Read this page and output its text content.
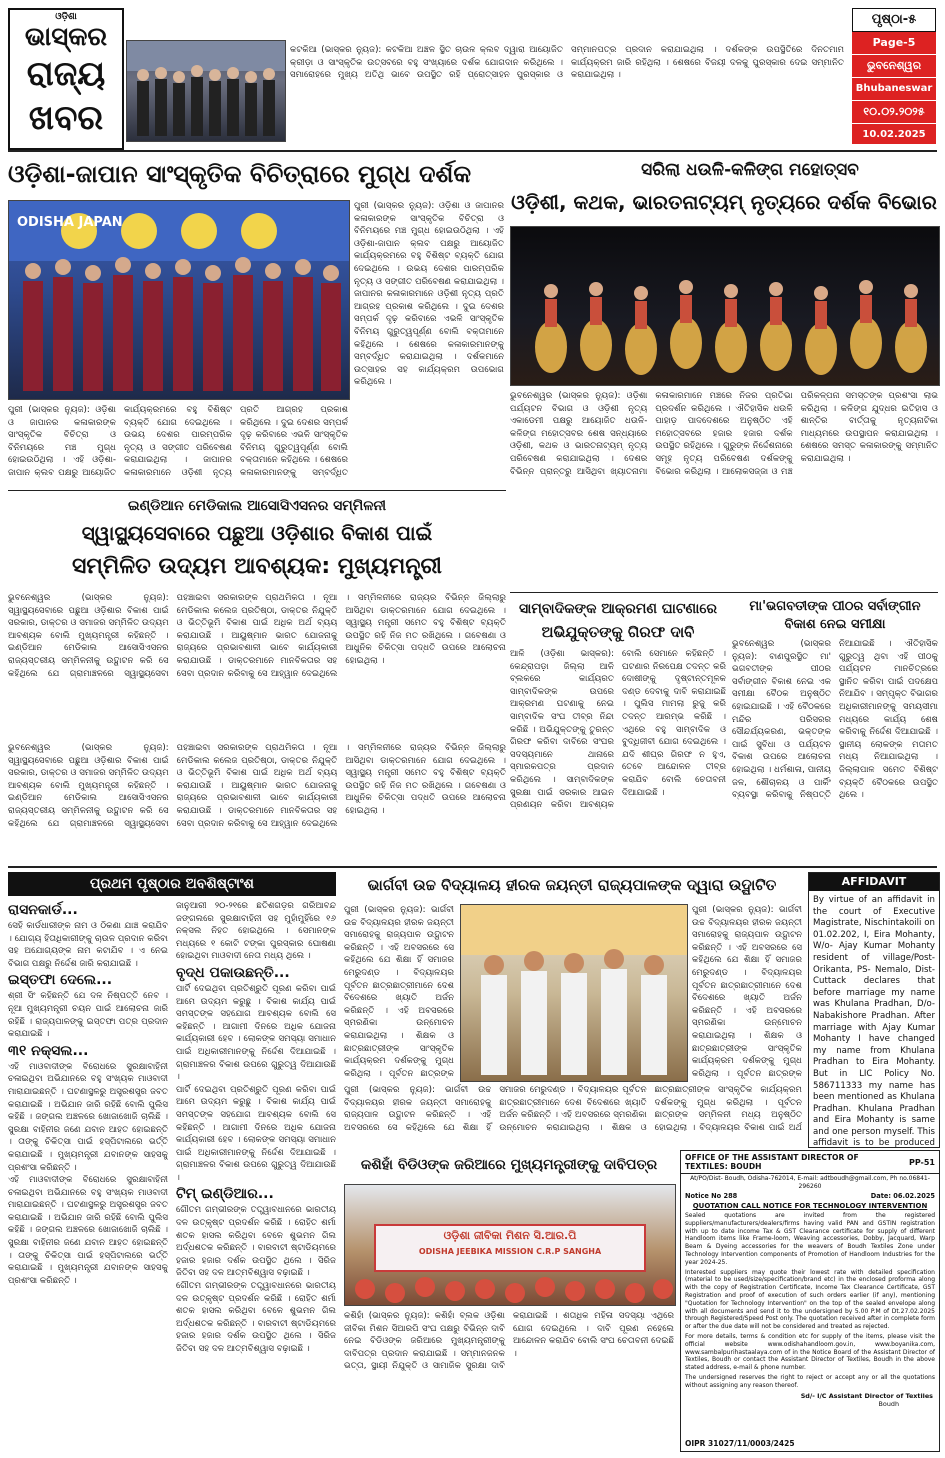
ଓଡ଼ିଶା
ଭାସ୍କର
ରାଜ୍ୟ
ଖବର
କଟକିଆ (ଭାସ୍କର ନ୍ୟୁଜ): କଟକିଆ ଅଞ୍ଚଳ ସ୍ଥିତ ଚାଉଳ କ୍ଲବ ଦ୍ୱାରା ଆୟୋଜିତ କ୍ରୀଡ଼ା ଓ ସାଂସ୍କୃତିକ ଉତ୍ସବରେ ବହୁ ସଂଖ୍ୟାରେ ଦର୍ଶକ ଯୋଗଦାନ କରିଥିଲେ । ସମାରୋହରେ ମୁଖ୍ୟ ଅତିଥି ଭାବେ ଉପସ୍ଥିତ ରହି ପ୍ରୋତ୍ସାହନ ପୁରସ୍କାର ଓ ସମ୍ମାନପତ୍ର ପ୍ରଦାନ କରାଯାଇଥିଲା । ଦର୍ଶକଙ୍କ ଉପସ୍ଥିତିରେ ଦିନତମାମ କାର୍ଯ୍ୟକ୍ରମ ଜାରି ରହିଥିଲା । ଶେଷରେ ବିଜୟୀ ଦଳକୁ ପୁରସ୍କାର ଦେଇ ସମ୍ମାନିତ କରାଯାଇଥିଲା ।
ପୃଷ୍ଠା-୫
Page-5
ଭୁବନେଶ୍ୱର
Bhubaneswar
୧୦.୦୨.୨୦୨୫
10.02.2025
ଓଡ଼ିଶା-ଜାପାନ ସାଂସ୍କୃତିକ ବିଚିତ୍ରାରେ ମୁଗ୍ଧ ଦର୍ଶକ
ODISHA JAPAN
ପୁରୀ (ଭାସ୍କର ନ୍ୟୁଜ): ଓଡ଼ିଶା ଓ ଜାପାନର କଳାକାରଙ୍କ ସାଂସ୍କୃତିକ ବିଚିତ୍ରା ଓ ବିନିମୟରେ ମଞ୍ଚ ମୁଗ୍ଧ ହୋଇଉଠିଥିଲା । ଏହି ଓଡ଼ିଶା-ଜାପାନ କ୍ଲବ ପକ୍ଷରୁ ଆୟୋଜିତ କାର୍ଯ୍ୟକ୍ରମରେ ବହୁ ବିଶିଷ୍ଟ ବ୍ୟକ୍ତି ଯୋଗ ଦେଇଥିଲେ । ଉଭୟ ଦେଶର ପାରମ୍ପରିକ ନୃତ୍ୟ ଓ ସଙ୍ଗୀତ ପରିବେଷଣ କରାଯାଇଥିଲା । ଜାପାନର କଳାକାରମାନେ ଓଡ଼ିଶୀ ନୃତ୍ୟ ପ୍ରତି ଆଗ୍ରହ ପ୍ରକାଶ କରିଥିଲେ । ଦୁଇ ଦେଶର ସମ୍ପର୍କ ଦୃଢ଼ କରିବାରେ ଏଭଳି ସାଂସ୍କୃତିକ ବିନିମୟ ଗୁରୁତ୍ୱପୂର୍ଣ୍ଣ ବୋଲି ବକ୍ତାମାନେ କହିଥିଲେ । ଶେଷରେ କଳାକାରମାନଙ୍କୁ ସମ୍ବର୍ଦ୍ଧିତ
ପୁରୀ (ଭାସ୍କର ନ୍ୟୁଜ): ଓଡ଼ିଶା ଓ ଜାପାନର କଳାକାରଙ୍କ ସାଂସ୍କୃତିକ ବିଚିତ୍ରା ଓ ବିନିମୟରେ ମଞ୍ଚ ମୁଗ୍ଧ ହୋଇଉଠିଥିଲା । ଏହି ଓଡ଼ିଶା-ଜାପାନ କ୍ଲବ ପକ୍ଷରୁ ଆୟୋଜିତ କାର୍ଯ୍ୟକ୍ରମରେ ବହୁ ବିଶିଷ୍ଟ ବ୍ୟକ୍ତି ଯୋଗ ଦେଇଥିଲେ । ଉଭୟ ଦେଶର ପାରମ୍ପରିକ ନୃତ୍ୟ ଓ ସଙ୍ଗୀତ ପରିବେଷଣ କରାଯାଇଥିଲା । ଜାପାନର କଳାକାରମାନେ ଓଡ଼ିଶୀ ନୃତ୍ୟ ପ୍ରତି ଆଗ୍ରହ ପ୍ରକାଶ କରିଥିଲେ । ଦୁଇ ଦେଶର ସମ୍ପର୍କ ଦୃଢ଼ କରିବାରେ ଏଭଳି ସାଂସ୍କୃତିକ ବିନିମୟ ଗୁରୁତ୍ୱପୂର୍ଣ୍ଣ ବୋଲି ବକ୍ତାମାନେ କହିଥିଲେ । ଶେଷରେ କଳାକାରମାନଙ୍କୁ ସମ୍ବର୍ଦ୍ଧିତ କରାଯାଇଥିଲା । ଦର୍ଶକମାନେ ଉତ୍ସାହର ସହ କାର୍ଯ୍ୟକ୍ରମ ଉପଭୋଗ କରିଥିଲେ ।
ସରିଲା ଧଉଳି-କଳିଙ୍ଗ ମହୋତ୍ସବ
ଓଡ଼ିଶୀ, କଥକ, ଭାରତନାଟ୍ୟମ୍ ନୃତ୍ୟରେ ଦର୍ଶକ ବିଭୋର
ଭୁବନେଶ୍ୱର (ଭାସ୍କର ନ୍ୟୁଜ): ଓଡ଼ିଶା ପର୍ଯ୍ୟଟନ ବିଭାଗ ଓ ଓଡ଼ିଶୀ ନୃତ୍ୟ ଏକାଡେମୀ ପକ୍ଷରୁ ଆୟୋଜିତ ଧଉଳି-କଳିଙ୍ଗ ମହୋତ୍ସବର ଶେଷ ସନ୍ଧ୍ୟାରେ ଓଡ଼ିଶୀ, କଥକ ଓ ଭାରତନାଟ୍ୟମ୍ ନୃତ୍ୟ ପରିବେଷଣ କରାଯାଇଥିଲା । ଦେଶର ବିଭିନ୍ନ ପ୍ରାନ୍ତରୁ ଆସିଥିବା ଖ୍ୟାତନାମା କଳାକାରମାନେ ମଞ୍ଚରେ ନିଜର ପ୍ରତିଭା ପ୍ରଦର୍ଶନ କରିଥିଲେ । ଐତିହାସିକ ଧଉଳି ପାହାଡ଼ ପାଦଦେଶରେ ଅନୁଷ୍ଠିତ ଏହି ମହୋତ୍ସବରେ ହଜାର ହଜାର ଦର୍ଶକ ଉପସ୍ଥିତ ରହିଥିଲେ । ଗୁରୁଙ୍କ ନିର୍ଦ୍ଦେଶନାରେ ସମୂହ ନୃତ୍ୟ ପରିବେଷଣ ଦର୍ଶକଙ୍କୁ ବିଭୋର କରିଥିଲା । ଆଲୋକସଜ୍ଜା ଓ ମଞ୍ଚ ପରିକଳ୍ପନା ସମସ୍ତଙ୍କ ପ୍ରଶଂସା ଲାଭ କରିଥିଲା । କଳିଙ୍ଗ ଯୁଦ୍ଧର ଇତିହାସ ଓ ଶାନ୍ତିର ବାର୍ତ୍ତାକୁ ନୃତ୍ୟନାଟିକା ମାଧ୍ୟମରେ ଉପସ୍ଥାପନ କରାଯାଇଥିଲା । ଶେଷରେ ସମସ୍ତ କଳାକାରଙ୍କୁ ସମ୍ମାନିତ କରାଯାଇଥିଲା ।
ଇଣ୍ଡିଆନ ମେଡିକାଲ ଆସୋସିଏସନର ସମ୍ମିଳନୀ
ସ୍ୱାସ୍ଥ୍ୟସେବାରେ ପଛୁଆ ଓଡ଼ିଶାର ବିକାଶ ପାଇଁ
ସମ୍ମିଳିତ ଉଦ୍ୟମ ଆବଶ୍ୟକ: ମୁଖ୍ୟମନ୍ତ୍ରୀ
ଭୁବନେଶ୍ୱର (ଭାସ୍କର ନ୍ୟୁଜ): ସ୍ୱାସ୍ଥ୍ୟସେବାରେ ପଛୁଆ ଓଡ଼ିଶାର ବିକାଶ ପାଇଁ ସରକାର, ଡାକ୍ତର ଓ ସମାଜର ସମ୍ମିଳିତ ଉଦ୍ୟମ ଆବଶ୍ୟକ ବୋଲି ମୁଖ୍ୟମନ୍ତ୍ରୀ କହିଛନ୍ତି । ଇଣ୍ଡିଆନ ମେଡିକାଲ ଆସୋସିଏସନର ରାଜ୍ୟସ୍ତରୀୟ ସମ୍ମିଳନୀକୁ ଉଦ୍ଘାଟନ କରି ସେ କହିଥିଲେ ଯେ ଗ୍ରାମାଞ୍ଚଳରେ ସ୍ୱାସ୍ଥ୍ୟସେବା ପହଞ୍ଚାଇବା ସରକାରଙ୍କ ପ୍ରାଥମିକତା । ନୂଆ ମେଡିକାଲ କଲେଜ ପ୍ରତିଷ୍ଠା, ଡାକ୍ତର ନିଯୁକ୍ତି ଓ ଭିତ୍ତିଭୂମି ବିକାଶ ପାଇଁ ଅଧିକ ଅର୍ଥ ବ୍ୟୟ କରାଯାଉଛି । ଆୟୁଷ୍ମାନ ଭାରତ ଯୋଜନାକୁ ରାଜ୍ୟରେ ପ୍ରଭାବଶାଳୀ ଭାବେ କାର୍ଯ୍ୟକାରୀ କରାଯାଉଛି । ଡାକ୍ତରମାନେ ମାନବିକତାର ସହ ସେବା ପ୍ରଦାନ କରିବାକୁ ସେ ଆହ୍ୱାନ ଦେଇଥିଲେ । ସମ୍ମିଳନୀରେ ରାଜ୍ୟର ବିଭିନ୍ନ ଜିଲ୍ଲାରୁ ଆସିଥିବା ଡାକ୍ତରମାନେ ଯୋଗ ଦେଇଥିଲେ । ସ୍ୱାସ୍ଥ୍ୟ ମନ୍ତ୍ରୀ ସମେତ ବହୁ ବିଶିଷ୍ଟ ବ୍ୟକ୍ତି ଉପସ୍ଥିତ ରହି ନିଜ ମତ ରଖିଥିଲେ । ଗବେଷଣା ଓ ଆଧୁନିକ ଚିକିତ୍ସା ପଦ୍ଧତି ଉପରେ ଆଲୋଚନା ହୋଇଥିଲା ।
ଭୁବନେଶ୍ୱର (ଭାସ୍କର ନ୍ୟୁଜ): ସ୍ୱାସ୍ଥ୍ୟସେବାରେ ପଛୁଆ ଓଡ଼ିଶାର ବିକାଶ ପାଇଁ ସରକାର, ଡାକ୍ତର ଓ ସମାଜର ସମ୍ମିଳିତ ଉଦ୍ୟମ ଆବଶ୍ୟକ ବୋଲି ମୁଖ୍ୟମନ୍ତ୍ରୀ କହିଛନ୍ତି । ଇଣ୍ଡିଆନ ମେଡିକାଲ ଆସୋସିଏସନର ରାଜ୍ୟସ୍ତରୀୟ ସମ୍ମିଳନୀକୁ ଉଦ୍ଘାଟନ କରି ସେ କହିଥିଲେ ଯେ ଗ୍ରାମାଞ୍ଚଳରେ ସ୍ୱାସ୍ଥ୍ୟସେବା ପହଞ୍ଚାଇବା ସରକାରଙ୍କ ପ୍ରାଥମିକତା । ନୂଆ ମେଡିକାଲ କଲେଜ ପ୍ରତିଷ୍ଠା, ଡାକ୍ତର ନିଯୁକ୍ତି ଓ ଭିତ୍ତିଭୂମି ବିକାଶ ପାଇଁ ଅଧିକ ଅର୍ଥ ବ୍ୟୟ କରାଯାଉଛି । ଆୟୁଷ୍ମାନ ଭାରତ ଯୋଜନାକୁ ରାଜ୍ୟରେ ପ୍ରଭାବଶାଳୀ ଭାବେ କାର୍ଯ୍ୟକାରୀ କରାଯାଉଛି । ଡାକ୍ତରମାନେ ମାନବିକତାର ସହ ସେବା ପ୍ରଦାନ କରିବାକୁ ସେ ଆହ୍ୱାନ ଦେଇଥିଲେ । ସମ୍ମିଳନୀରେ ରାଜ୍ୟର ବିଭିନ୍ନ ଜିଲ୍ଲାରୁ ଆସିଥିବା ଡାକ୍ତରମାନେ ଯୋଗ ଦେଇଥିଲେ । ସ୍ୱାସ୍ଥ୍ୟ ମନ୍ତ୍ରୀ ସମେତ ବହୁ ବିଶିଷ୍ଟ ବ୍ୟକ୍ତି ଉପସ୍ଥିତ ରହି ନିଜ ମତ ରଖିଥିଲେ । ଗବେଷଣା ଓ ଆଧୁନିକ ଚିକିତ୍ସା ପଦ୍ଧତି ଉପରେ ଆଲୋଚନା ହୋଇଥିଲା ।
ସାମ୍ବାଦିକଙ୍କ ଆକ୍ରମଣ ଘାଟଣାରେ
ଅଭିଯୁକ୍ତଙ୍କୁ ଗିରଫ ଦାବି
ଆଳି (ଓଡ଼ିଶା ଭାସ୍କର): କେନ୍ଦ୍ରାପଡ଼ା ଜିଲ୍ଲା ଆଳି ବ୍ଲକରେ କାର୍ଯ୍ୟରତ ସାମ୍ବାଦିକଙ୍କ ଉପରେ ଆକ୍ରମଣ ଘଟଣାକୁ ନେଇ ସାମ୍ବାଦିକ ସଂଘ ତୀବ୍ର ନିନ୍ଦା କରିଛି । ଅଭିଯୁକ୍ତଙ୍କୁ ତୁରନ୍ତ ଗିରଫ କରିବା ଦାବିରେ ସଂଘର ସଦସ୍ୟମାନେ ଥାନାରେ ସ୍ମାରକପତ୍ର ପ୍ରଦାନ କରିଥିଲେ । ସାମ୍ବାଦିକଙ୍କ ସୁରକ୍ଷା ପାଇଁ ସରକାର ଆଇନ ପ୍ରଣୟନ କରିବା ଆବଶ୍ୟକ ବୋଲି ସେମାନେ କହିଛନ୍ତି । ଘଟଣାର ନିରପେକ୍ଷ ତଦନ୍ତ କରି ଦୋଷୀଙ୍କୁ ଦୃଷ୍ଟାନ୍ତମୂଳକ ଦଣ୍ଡ ଦେବାକୁ ଦାବି କରାଯାଇଛି । ପୁଲିସ ମାମଲା ରୁଜୁ କରି ତଦନ୍ତ ଆରମ୍ଭ କରିଛି । ଏଥିରେ ବହୁ ସାମ୍ବାଦିକ ଓ ବୁଦ୍ଧିଜୀବୀ ଯୋଗ ଦେଇଥିଲେ । ଯଦି ଶୀଘ୍ର ଗିରଫ ନ ହୁଏ, ତେବେ ଆନ୍ଦୋଳନ ତୀବ୍ର କରାଯିବ ବୋଲି ଚେତାବନୀ ଦିଆଯାଇଛି ।
ମା'ଭଗବତୀଙ୍କ ପୀଠର ସର୍ବାଙ୍ଗୀନ ବିକାଶ ନେଇ ସମୀକ୍ଷା
ଭୁବନେଶ୍ୱର (ଭାସ୍କର ନ୍ୟୁଜ): ବାଣପୁରସ୍ଥିତ ମା' ଭଗବତୀଙ୍କ ପୀଠର ସର୍ବାଙ୍ଗୀନ ବିକାଶ ନେଇ ଏକ ସମୀକ୍ଷା ବୈଠକ ଅନୁଷ୍ଠିତ ହୋଇଯାଇଛି । ଏହି ବୈଠକରେ ମନ୍ଦିର ପରିସରର ସୌନ୍ଦର୍ଯ୍ୟକରଣ, ଭକ୍ତଙ୍କ ପାଇଁ ସୁବିଧା ଓ ପର୍ଯ୍ୟଟନ ବିକାଶ ଉପରେ ଆଲୋଚନା ହୋଇଥିଲା । ଧର୍ମଶାଳା, ପାନୀୟ ଜଳ, ଶୌଚାଳୟ ଓ ପାର୍କିଂ ବ୍ୟବସ୍ଥା କରିବାକୁ ନିଷ୍ପତ୍ତି ନିଆଯାଇଛି । ଐତିହାସିକ ଗୁରୁତ୍ୱ ଥିବା ଏହି ପୀଠକୁ ପର୍ଯ୍ୟଟନ ମାନଚିତ୍ରରେ ସ୍ଥାନିତ କରିବା ପାଇଁ ପଦକ୍ଷେପ ନିଆଯିବ । ସମ୍ପୃକ୍ତ ବିଭାଗର ଅଧିକାରୀମାନଙ୍କୁ ସମୟସୀମା ମଧ୍ୟରେ କାର୍ଯ୍ୟ ଶେଷ କରିବାକୁ ନିର୍ଦ୍ଦେଶ ଦିଆଯାଇଛି । ସ୍ଥାନୀୟ ଲୋକଙ୍କ ମତାମତ ମଧ୍ୟ ନିଆଯାଇଥିଲା । ଜିଲ୍ଲାପାଳ ସମେତ ବିଶିଷ୍ଟ ବ୍ୟକ୍ତି ବୈଠକରେ ଉପସ୍ଥିତ ଥିଲେ ।
ପ୍ରଥମ ପୃଷ୍ଠାର ଅବଶିଷ୍ଟାଂଶ
ରାସନକାର୍ଡ...
ସେହି କାର୍ଡଧାରୀଙ୍କ ନାମ ଓ ଠିକଣା ଯାଞ୍ଚ କରାଯିବ । ଯୋଗ୍ୟ ହିତାଧିକାରୀଙ୍କୁ ଚାଉଳ ପ୍ରଦାନ କରିବା ସହ ଅଯୋଗ୍ୟଙ୍କ ନାମ କଟାଯିବ । ଏ ନେଇ ବିଭାଗ ପକ୍ଷରୁ ନିର୍ଦ୍ଦେଶ ଜାରି କରାଯାଇଛି ।
ଇସ୍ତଫା ଦେଲେ...
ଶ୍ରୀ ସିଂ କହିଛନ୍ତି ଯେ ଦଳ ନିଷ୍ପତ୍ତି ନେବ । ନୂଆ ମୁଖ୍ୟମନ୍ତ୍ରୀ ଚୟନ ପାଇଁ ଆଲୋଚନା ଜାରି ରହିଛି । ରାଜ୍ୟପାଳଙ୍କୁ ଇସ୍ତଫା ପତ୍ର ପ୍ରଦାନ କରାଯାଇଛି ।
୩୧ ନକ୍ସଲ...
ଏହି ମାଓବାଦୀଙ୍କ ବିରୋଧରେ ସୁରକ୍ଷାବାହିନୀ ଚଳାଇଥିବା ଅଭିଯାନରେ ବହୁ ସଂଖ୍ୟକ ମାଓବାଦୀ ମାରାଯାଇଛନ୍ତି । ଘଟଣାସ୍ଥଳରୁ ଅସ୍ତ୍ରଶସ୍ତ୍ର ଜବତ କରାଯାଇଛି । ଅଭିଯାନ ଜାରି ରହିଛି ବୋଲି ପୁଲିସ କହିଛି । ଜଙ୍ଗଲ ଅଞ୍ଚଳରେ ଖୋଜାଖୋଜି ଚାଲିଛି । ସୁରକ୍ଷା ବାହିନୀର ଜଣେ ଯବାନ ଆହତ ହୋଇଛନ୍ତି । ତାଙ୍କୁ ଚିକିତ୍ସା ପାଇଁ ହସ୍ପିଟାଲରେ ଭର୍ତ୍ତି କରାଯାଇଛି । ମୁଖ୍ୟମନ୍ତ୍ରୀ ଯବାନଙ୍କ ସାହସକୁ ପ୍ରଶଂସା କରିଛନ୍ତି ।
ଏହି ମାଓବାଦୀଙ୍କ ବିରୋଧରେ ସୁରକ୍ଷାବାହିନୀ ଚଳାଇଥିବା ଅଭିଯାନରେ ବହୁ ସଂଖ୍ୟକ ମାଓବାଦୀ ମାରାଯାଇଛନ୍ତି । ଘଟଣାସ୍ଥଳରୁ ଅସ୍ତ୍ରଶସ୍ତ୍ର ଜବତ କରାଯାଇଛି । ଅଭିଯାନ ଜାରି ରହିଛି ବୋଲି ପୁଲିସ କହିଛି । ଜଙ୍ଗଲ ଅଞ୍ଚଳରେ ଖୋଜାଖୋଜି ଚାଲିଛି । ସୁରକ୍ଷା ବାହିନୀର ଜଣେ ଯବାନ ଆହତ ହୋଇଛନ୍ତି । ତାଙ୍କୁ ଚିକିତ୍ସା ପାଇଁ ହସ୍ପିଟାଲରେ ଭର୍ତ୍ତି କରାଯାଇଛି । ମୁଖ୍ୟମନ୍ତ୍ରୀ ଯବାନଙ୍କ ସାହସକୁ ପ୍ରଶଂସା କରିଛନ୍ତି ।
ଜାନୁଆରୀ ୨୦-୨୧ରେ ଛତିଶଗଡ଼ର ଗରିଆବନ୍ଦ ଜଙ୍ଗଲରେ ସୁରକ୍ଷାବାହିନୀ ସହ ମୁହାଁମୁହିଁରେ ୧୬ ନକ୍ସଲ ନିହତ ହୋଇଥିଲେ । ସେମାନଙ୍କ ମଧ୍ୟରେ ୧ କୋଟି ଟଙ୍କା ପୁରସ୍କାର ଘୋଷଣା ହୋଇଥିବା ମାଓବାଦୀ ନେତା ମଧ୍ୟ ଥିଲେ ।
ବୃଦ୍ଧ ପକାଉଛନ୍ତି...
ପାର୍ଟି ଦେଇଥିବା ପ୍ରତିଶ୍ରୁତି ପୂରଣ କରିବା ପାଇଁ ଆମେ ଉଦ୍ୟମ କରୁଛୁ । ବିକାଶ କାର୍ଯ୍ୟ ପାଇଁ ସମସ୍ତଙ୍କ ସହଯୋଗ ଆବଶ୍ୟକ ବୋଲି ସେ କହିଛନ୍ତି । ଆଗାମୀ ଦିନରେ ଅଧିକ ଯୋଜନା କାର୍ଯ୍ୟକାରୀ ହେବ । ଲୋକଙ୍କ ସମସ୍ୟା ସମାଧାନ ପାଇଁ ଅଧିକାରୀମାନଙ୍କୁ ନିର୍ଦ୍ଦେଶ ଦିଆଯାଇଛି । ଗ୍ରାମାଞ୍ଚଳର ବିକାଶ ଉପରେ ଗୁରୁତ୍ୱ ଦିଆଯାଉଛି ।
ପାର୍ଟି ଦେଇଥିବା ପ୍ରତିଶ୍ରୁତି ପୂରଣ କରିବା ପାଇଁ ଆମେ ଉଦ୍ୟମ କରୁଛୁ । ବିକାଶ କାର୍ଯ୍ୟ ପାଇଁ ସମସ୍ତଙ୍କ ସହଯୋଗ ଆବଶ୍ୟକ ବୋଲି ସେ କହିଛନ୍ତି । ଆଗାମୀ ଦିନରେ ଅଧିକ ଯୋଜନା କାର୍ଯ୍ୟକାରୀ ହେବ । ଲୋକଙ୍କ ସମସ୍ୟା ସମାଧାନ ପାଇଁ ଅଧିକାରୀମାନଙ୍କୁ ନିର୍ଦ୍ଦେଶ ଦିଆଯାଇଛି । ଗ୍ରାମାଞ୍ଚଳର ବିକାଶ ଉପରେ ଗୁରୁତ୍ୱ ଦିଆଯାଉଛି ।
ଟିମ୍ ଇଣ୍ଡିଆର...
ଗୌତମ ଗମ୍ଭୀରଙ୍କ ତତ୍ତ୍ୱାବଧାନରେ ଭାରତୀୟ ଦଳ ଉତ୍କୃଷ୍ଟ ପ୍ରଦର୍ଶନ କରିଛି । ରୋହିତ ଶର୍ମା ଶତକ ହାସଲ କରିଥିବା ବେଳେ ଶୁଭମନ ଗିଲ ଅର୍ଦ୍ଧଶତକ କରିଛନ୍ତି । ବାରବାଟୀ ଷ୍ଟାଡିୟମରେ ହଜାର ହଜାର ଦର୍ଶକ ଉପସ୍ଥିତ ଥିଲେ । ସିରିଜ ଜିତିବା ସହ ଦଳ ଆତ୍ମବିଶ୍ୱାସ ବଢ଼ାଇଛି ।
ଗୌତମ ଗମ୍ଭୀରଙ୍କ ତତ୍ତ୍ୱାବଧାନରେ ଭାରତୀୟ ଦଳ ଉତ୍କୃଷ୍ଟ ପ୍ରଦର୍ଶନ କରିଛି । ରୋହିତ ଶର୍ମା ଶତକ ହାସଲ କରିଥିବା ବେଳେ ଶୁଭମନ ଗିଲ ଅର୍ଦ୍ଧଶତକ କରିଛନ୍ତି । ବାରବାଟୀ ଷ୍ଟାଡିୟମରେ ହଜାର ହଜାର ଦର୍ଶକ ଉପସ୍ଥିତ ଥିଲେ । ସିରିଜ ଜିତିବା ସହ ଦଳ ଆତ୍ମବିଶ୍ୱାସ ବଢ଼ାଇଛି ।
ଭାର୍ଗବୀ ଉଚ୍ଚ ବିଦ୍ୟାଳୟ ହୀରକ ଜୟନ୍ତୀ ରାଜ୍ୟପାଳଙ୍କ ଦ୍ୱାରା ଉଦ୍ଘାଟିତ
ପୁରୀ (ଭାସ୍କର ନ୍ୟୁଜ): ଭାର୍ଗବୀ ଉଚ୍ଚ ବିଦ୍ୟାଳୟର ହୀରକ ଜୟନ୍ତୀ ସମାରୋହକୁ ରାଜ୍ୟପାଳ ଉଦ୍ଘାଟନ କରିଛନ୍ତି । ଏହି ଅବସରରେ ସେ କହିଥିଲେ ଯେ ଶିକ୍ଷା ହିଁ ସମାଜର ମେରୁଦଣ୍ଡ । ବିଦ୍ୟାଳୟର ପୂର୍ବତନ ଛାତ୍ରଛାତ୍ରୀମାନେ ଦେଶ ବିଦେଶରେ ଖ୍ୟାତି ଅର୍ଜନ କରିଛନ୍ତି । ଏହି ଅବସରରେ ସ୍ମରଣିକା ଉନ୍ମୋଚନ କରାଯାଇଥିଲା । ଶିକ୍ଷକ ଓ ଛାତ୍ରଛାତ୍ରୀଙ୍କ ସାଂସ୍କୃତିକ କାର୍ଯ୍ୟକ୍ରମ ଦର୍ଶକଙ୍କୁ ମୁଗ୍ଧ କରିଥିଲା । ପୂର୍ବତନ ଛାତ୍ରଙ୍କ
ପୁରୀ (ଭାସ୍କର ନ୍ୟୁଜ): ଭାର୍ଗବୀ ଉଚ୍ଚ ବିଦ୍ୟାଳୟର ହୀରକ ଜୟନ୍ତୀ ସମାରୋହକୁ ରାଜ୍ୟପାଳ ଉଦ୍ଘାଟନ କରିଛନ୍ତି । ଏହି ଅବସରରେ ସେ କହିଥିଲେ ଯେ ଶିକ୍ଷା ହିଁ ସମାଜର ମେରୁଦଣ୍ଡ । ବିଦ୍ୟାଳୟର ପୂର୍ବତନ ଛାତ୍ରଛାତ୍ରୀମାନେ ଦେଶ ବିଦେଶରେ ଖ୍ୟାତି ଅର୍ଜନ କରିଛନ୍ତି । ଏହି ଅବସରରେ ସ୍ମରଣିକା ଉନ୍ମୋଚନ କରାଯାଇଥିଲା । ଶିକ୍ଷକ ଓ ଛାତ୍ରଛାତ୍ରୀଙ୍କ ସାଂସ୍କୃତିକ କାର୍ଯ୍ୟକ୍ରମ ଦର୍ଶକଙ୍କୁ ମୁଗ୍ଧ କରିଥିଲା । ପୂର୍ବତନ ଛାତ୍ରଙ୍କ
ପୁରୀ (ଭାସ୍କର ନ୍ୟୁଜ): ଭାର୍ଗବୀ ଉଚ୍ଚ ବିଦ୍ୟାଳୟର ହୀରକ ଜୟନ୍ତୀ ସମାରୋହକୁ ରାଜ୍ୟପାଳ ଉଦ୍ଘାଟନ କରିଛନ୍ତି । ଏହି ଅବସରରେ ସେ କହିଥିଲେ ଯେ ଶିକ୍ଷା ହିଁ ସମାଜର ମେରୁଦଣ୍ଡ । ବିଦ୍ୟାଳୟର ପୂର୍ବତନ ଛାତ୍ରଛାତ୍ରୀମାନେ ଦେଶ ବିଦେଶରେ ଖ୍ୟାତି ଅର୍ଜନ କରିଛନ୍ତି । ଏହି ଅବସରରେ ସ୍ମରଣିକା ଉନ୍ମୋଚନ କରାଯାଇଥିଲା । ଶିକ୍ଷକ ଓ ଛାତ୍ରଛାତ୍ରୀଙ୍କ ସାଂସ୍କୃତିକ କାର୍ଯ୍ୟକ୍ରମ ଦର୍ଶକଙ୍କୁ ମୁଗ୍ଧ କରିଥିଲା । ପୂର୍ବତନ ଛାତ୍ରଙ୍କ ସମ୍ମିଳନୀ ମଧ୍ୟ ଅନୁଷ୍ଠିତ ହୋଇଥିଲା । ବିଦ୍ୟାଳୟର ବିକାଶ ପାଇଁ ଅର୍ଥ
AFFIDAVIT
By virtue of an affidavit in the court of Executive Magistrate, Nischintakoili on 01.02.202, I, Eira Mohanty, W/o- Ajay Kumar Mohanty resident of village/Post- Orikanta, PS- Nemalo, Dist- Cuttack declares that before marriage my name was Khulana Pradhan, D/o- Nabakishore Pradhan. After marriage with Ajay Kumar Mohanty I have changed my name from Khulana Pradhan to Eira Mohanty. But in LIC Policy No. 586711333 my name has been mentioned as Khulana Pradhan. Khulana Pradhan and Eira Mohanty is same and one person myself. This affidavit is to be produced
କଶିହାଁ ବିଡିଓଙ୍କ ଜରିଆରେ ମୁଖ୍ୟମନ୍ତ୍ରୀଙ୍କୁ ଦାବିପତ୍ର
ଓଡ଼ିଶା ଜୀବିକା ମିଶନ ସି.ଆର.ପି
ODISHA JEEBIKA MISSION C.R.P SANGHA
କଶିହାଁ (ଭାସ୍କର ନ୍ୟୁଜ): କଶିହାଁ ବ୍ଲକ ଓଡ଼ିଶା ଜୀବିକା ମିଶନ ସିଆରପି ସଂଘ ପକ୍ଷରୁ ବିଭିନ୍ନ ଦାବି ନେଇ ବିଡିଓଙ୍କ ଜରିଆରେ ମୁଖ୍ୟମନ୍ତ୍ରୀଙ୍କୁ ଦାବିପତ୍ର ପ୍ରଦାନ କରାଯାଇଛି । ସମ୍ମାନଜନକ ଭତ୍ତା, ସ୍ଥାୟୀ ନିଯୁକ୍ତି ଓ ସାମାଜିକ ସୁରକ୍ଷା ଦାବି କରାଯାଇଛି । ଶତାଧିକ ମହିଳା ସଦସ୍ୟା ଏଥିରେ ଯୋଗ ଦେଇଥିଲେ । ଦାବି ପୂରଣ ନହେଲେ ଆନ୍ଦୋଳନ କରାଯିବ ବୋଲି ସଂଘ ଚେତାବନୀ ଦେଇଛି ।
OFFICE OF THE ASSISTANT DIRECTOR OF TEXTILES: BOUDH	PP-51
At/PO/Dist- Boudh, Odisha-762014, E-mail: adtboudh@gmail.com, Ph no.06841-296260
Notice No 288	Date: 06.02.2025
QUOTATION CALL NOTICE FOR TECHNOLOGY INTERVENTION
Sealed quotations are invited from the registered suppliers/manufacturers/dealers/firms having valid PAN and GSTIN registration with up to date income Tax & GST Clearance certificate for supply of different Handloom items like Frame-loom, Weaving accessories, Dobby, Jacquard, Warp Beam & Dyeing accessories for the weavers of Boudh Textiles Zone under Technology Intervention components of Promotion of Handloom Industries for the year 2024-25.
Interested suppliers may quote their lowest rate with detailed specification (material to be used/size/specification/brand etc) in the enclosed proforma along with the copy of Registration Certificate, Income Tax Clearance Certificate, GST Registration and proof of execution of such orders earlier (if any), mentioning "Quotation for Technology Intervention" on the top of the sealed envelope along with all documents and send it to the undersigned by 5.00 P.M of Dt.27.02.2025 through Registered/Speed Post only. The quotation received after in complete form or after the due date will not be considered and treated as rejected.
For more details, terms & condition etc for supply of the items, please visit the official website www.odishahandloom.gov.in, www.boyanika.com, www.sambalpurihastaalaya.com of in the Notice Board of the Assistant Director of Textiles, Boudh or contact the Assistant Director of Textiles, Boudh in the above stated address, e-mail & phone number.
The undersigned reserves the right to reject or accept any or all the quotations without assigning any reason thereof.
Sd/- I/C Assistant Director of Textiles
Boudh
OIPR 31027/11/0003/2425
